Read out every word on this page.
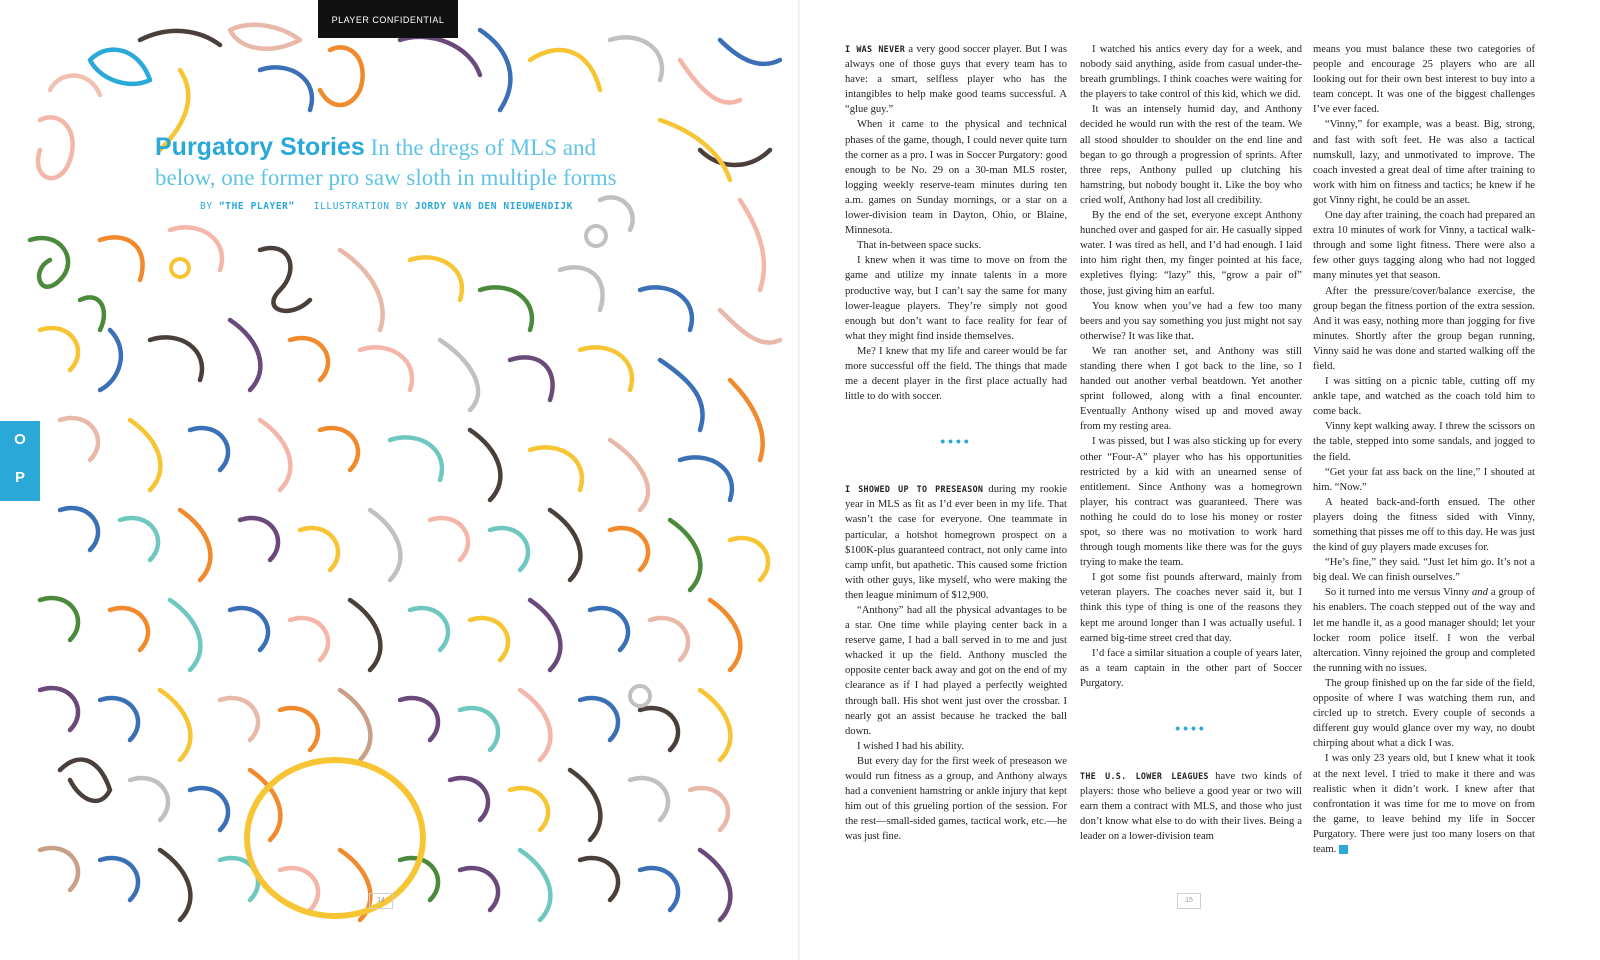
PLAYER CONFIDENTIAL
Purgatory Stories In the dregs of MLS and below, one former pro saw sloth in multiple forms
BY “THE PLAYER” ILLUSTRATION BY JORDY VAN DEN NIEUWENDIJK
O
P
14

I WAS NEVER a very good soccer player. But I was always one of those guys that every team has to have: a smart, selfless player who has the intangibles to help make good teams successful. A “glue guy.”

When it came to the physical and technical phases of the game, though, I could never quite turn the corner as a pro. I was in Soccer Purgatory: good enough to be No. 29 on a 30-man MLS roster, logging weekly reserve-team minutes during ten a.m. games on Sunday mornings, or a star on a lower-division team in Dayton, Ohio, or Blaine, Minnesota.

That in-between space sucks.

I knew when it was time to move on from the game and utilize my innate talents in a more productive way, but I can’t say the same for many lower-league players. They’re simply not good enough but don’t want to face reality for fear of what they might find inside themselves.

Me? I knew that my life and career would be far more successful off the field. The things that made me a decent player in the first place actually had little to do with soccer.

••••

I SHOWED UP TO PRESEASON during my rookie year in MLS as fit as I’d ever been in my life. That wasn’t the case for everyone. One teammate in particular, a hotshot homegrown prospect on a $100K-plus guaranteed contract, not only came into camp unfit, but apathetic. This caused some friction with other guys, like myself, who were making the then league minimum of $12,900.

“Anthony” had all the physical advantages to be a star. One time while playing center back in a reserve game, I had a ball served in to me and just whacked it up the field. Anthony muscled the opposite center back away and got on the end of my clearance as if I had played a perfectly weighted through ball. His shot went just over the crossbar. I nearly got an assist because he tracked the ball down.

I wished I had his ability.

But every day for the first week of preseason we would run fitness as a group, and Anthony always had a convenient hamstring or ankle injury that kept him out of this grueling portion of the session. For the rest—small-sided games, tactical work, etc.—he was just fine.

I watched his antics every day for a week, and nobody said anything, aside from casual under-the-breath grumblings. I think coaches were waiting for the players to take control of this kid, which we did.

It was an intensely humid day, and Anthony decided he would run with the rest of the team. We all stood shoulder to shoulder on the end line and began to go through a progression of sprints. After three reps, Anthony pulled up clutching his hamstring, but nobody bought it. Like the boy who cried wolf, Anthony had lost all credibility.

By the end of the set, everyone except Anthony hunched over and gasped for air. He casually sipped water. I was tired as hell, and I’d had enough. I laid into him right then, my finger pointed at his face, expletives flying: “lazy” this, “grow a pair of” those, just giving him an earful.

You know when you’ve had a few too many beers and you say something you just might not say otherwise? It was like that.

We ran another set, and Anthony was still standing there when I got back to the line, so I handed out another verbal beatdown. Yet another sprint followed, along with a final encounter. Eventually Anthony wised up and moved away from my resting area.

I was pissed, but I was also sticking up for every other “Four-A” player who has his opportunities restricted by a kid with an unearned sense of entitlement. Since Anthony was a homegrown player, his contract was guaranteed. There was nothing he could do to lose his money or roster spot, so there was no motivation to work hard through tough moments like there was for the guys trying to make the team.

I got some fist pounds afterward, mainly from veteran players. The coaches never said it, but I think this type of thing is one of the reasons they kept me around longer than I was actually useful. I earned big-time street cred that day.

I’d face a similar situation a couple of years later, as a team captain in the other part of Soccer Purgatory.

••••

THE U.S. LOWER LEAGUES have two kinds of players: those who believe a good year or two will earn them a contract with MLS, and those who just don’t know what else to do with their lives. Being a leader on a lower-division team

means you must balance these two categories of people and encourage 25 players who are all looking out for their own best interest to buy into a team concept. It was one of the biggest challenges I’ve ever faced.

“Vinny,” for example, was a beast. Big, strong, and fast with soft feet. He was also a tactical numskull, lazy, and unmotivated to improve. The coach invested a great deal of time after training to work with him on fitness and tactics; he knew if he got Vinny right, he could be an asset.

One day after training, the coach had prepared an extra 10 minutes of work for Vinny, a tactical walk-through and some light fitness. There were also a few other guys tagging along who had not logged many minutes yet that season.

After the pressure/cover/balance exercise, the group began the fitness portion of the extra session. And it was easy, nothing more than jogging for five minutes. Shortly after the group began running, Vinny said he was done and started walking off the field.

I was sitting on a picnic table, cutting off my ankle tape, and watched as the coach told him to come back.

Vinny kept walking away. I threw the scissors on the table, stepped into some sandals, and jogged to the field.

“Get your fat ass back on the line,” I shouted at him. “Now.”

A heated back-and-forth ensued. The other players doing the fitness sided with Vinny, something that pisses me off to this day. He was just the kind of guy players made excuses for.

“He’s fine,” they said. “Just let him go. It’s not a big deal. We can finish ourselves.”

So it turned into me versus Vinny and a group of his enablers. The coach stepped out of the way and let me handle it, as a good manager should; let your locker room police itself. I won the verbal altercation. Vinny rejoined the group and completed the running with no issues.

The group finished up on the far side of the field, opposite of where I was watching them run, and circled up to stretch. Every couple of seconds a different guy would glance over my way, no doubt chirping about what a dick I was.

I was only 23 years old, but I knew what it took at the next level. I tried to make it there and was realistic when it didn’t work. I knew after that confrontation it was time for me to move on from the game, to leave behind my life in Soccer Purgatory. There were just too many losers on that team. M

15
